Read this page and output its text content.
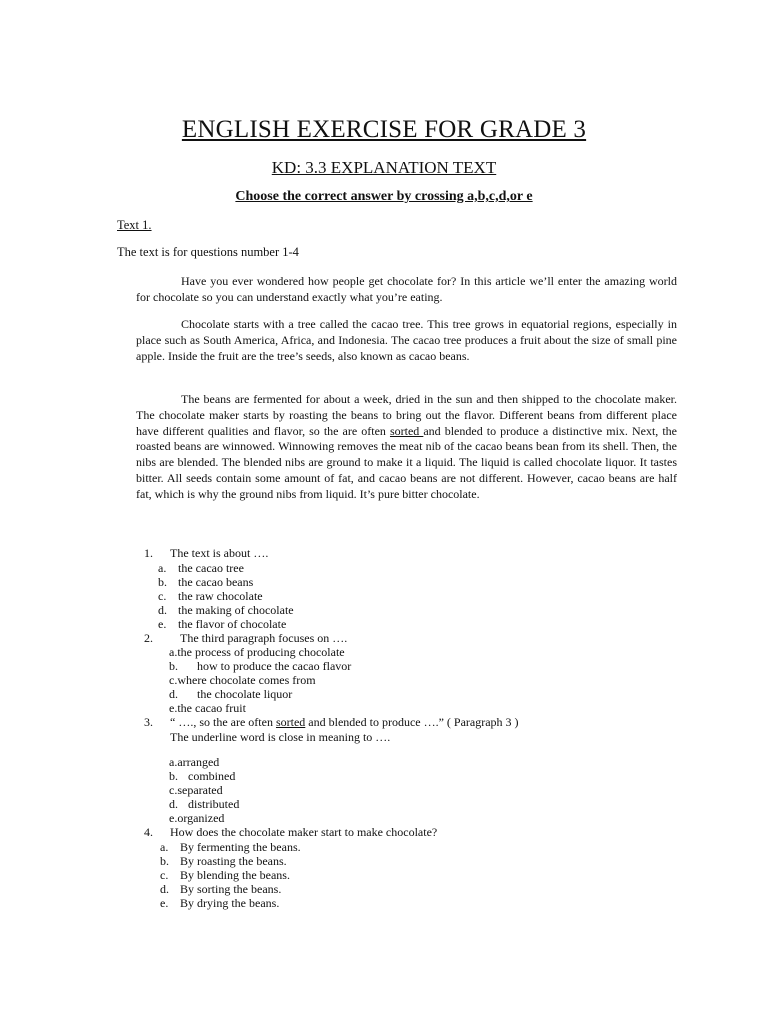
ENGLISH EXERCISE FOR GRADE 3
KD: 3.3 EXPLANATION TEXT
Choose the correct answer by crossing a,b,c,d,or e
Text 1.
The text is for questions number 1-4

Have you ever wondered how people get chocolate for? In this article we’ll enter the amazing world for chocolate so you can understand exactly what you’re eating.

Chocolate starts with a tree called the cacao tree. This tree grows in equatorial regions, especially in place such as South America, Africa, and Indonesia. The cacao tree produces a fruit about the size of small pine apple. Inside the fruit are the tree’s seeds, also known as cacao beans.

The beans are fermented for about a week, dried in the sun and then shipped to the chocolate maker. The chocolate maker starts by roasting the beans to bring out the flavor. Different beans from different place have different qualities and flavor, so the are often sorted and blended to produce a distinctive mix. Next, the roasted beans are winnowed. Winnowing removes the meat nib of the cacao beans bean from its shell. Then, the nibs are blended. The blended nibs are ground to make it a liquid. The liquid is called chocolate liquor. It tastes bitter. All seeds contain some amount of fat, and cacao beans are not different. However, cacao beans are half fat, which is why the ground nibs from liquid. It’s pure bitter chocolate.

1. The text is about ….
a. the cacao tree
b. the cacao beans
c. the raw chocolate
d. the making of chocolate
e. the flavor of chocolate
2. The third paragraph focuses on ….
a.the process of producing chocolate
b. how to produce the cacao flavor
c.where chocolate comes from
d. the chocolate liquor
e.the cacao fruit
3. “ …., so the are often sorted and blended to produce ….” ( Paragraph 3 )
The underline word is close in meaning to ….
a.arranged
b. combined
c.separated
d. distributed
e.organized
4. How does the chocolate maker start to make chocolate?
a. By fermenting the beans.
b. By roasting the beans.
c. By blending the beans.
d. By sorting the beans.
e. By drying the beans.
